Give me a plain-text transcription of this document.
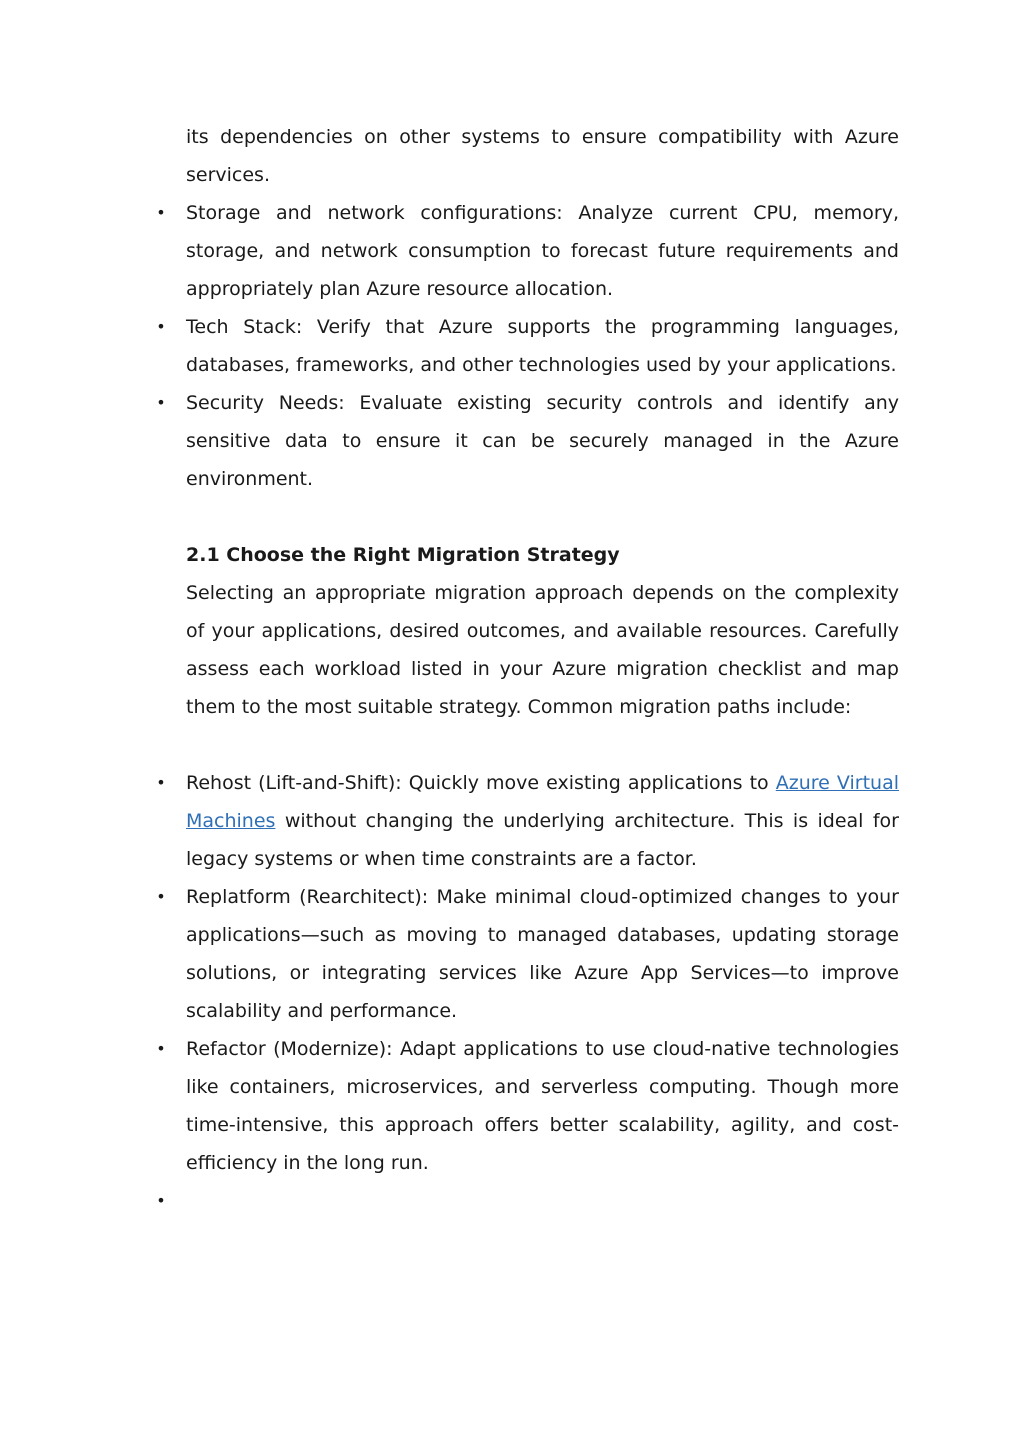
its dependencies on other systems to ensure compatibility with Azure services.

• Storage and network configurations: Analyze current CPU, memory, storage, and network consumption to forecast future requirements and appropriately plan Azure resource allocation.
• Tech Stack: Verify that Azure supports the programming languages, databases, frameworks, and other technologies used by your applications.
• Security Needs: Evaluate existing security controls and identify any sensitive data to ensure it can be securely managed in the Azure environment.
2.1 Choose the Right Migration Strategy

Selecting an appropriate migration approach depends on the complexity of your applications, desired outcomes, and available resources. Carefully assess each workload listed in your Azure migration checklist and map them to the most suitable strategy. Common migration paths include:

• Rehost (Lift-and-Shift): Quickly move existing applications to Azure Virtual Machines without changing the underlying architecture. This is ideal for legacy systems or when time constraints are a factor.
• Replatform (Rearchitect): Make minimal cloud-optimized changes to your applications—such as moving to managed databases, updating storage solutions, or integrating services like Azure App Services—to improve scalability and performance.
• Refactor (Modernize): Adapt applications to use cloud-native technologies like containers, microservices, and serverless computing. Though more time-intensive, this approach offers better scalability, agility, and cost-efficiency in the long run.
•
